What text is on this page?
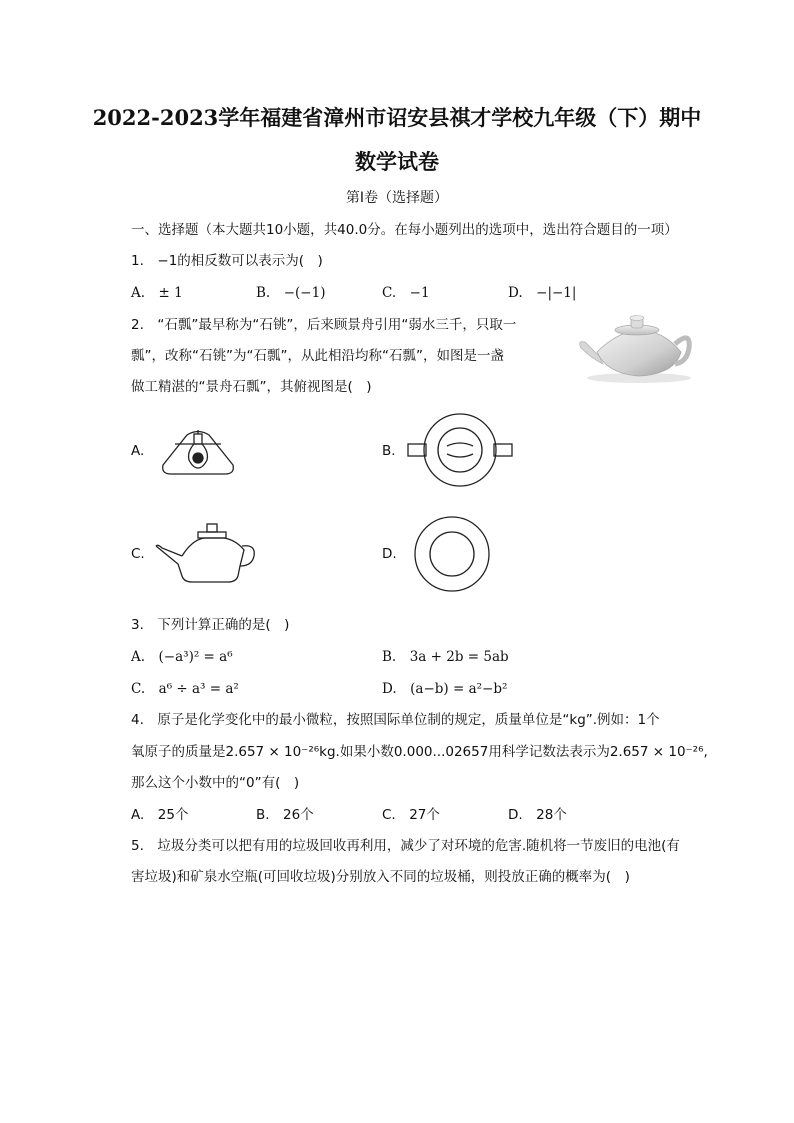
2022-2023学年福建省漳州市诏安县祺才学校九年级（下）期中
数学试卷
第I卷（选择题）
一、选择题（本大题共10小题，共40.0分。在每小题列出的选项中，选出符合题目的一项）
1.　−1的相反数可以表示为(　)
A.　± 1	B.　−(−1)	C.　−1	D.　−|−1|
2.　“石瓢”最早称为“石铫”，后来顾景舟引用“弱水三千，只取一
瓢”，改称“石铫”为“石瓢”，从此相沿均称“石瓢”，如图是一盏
做工精湛的“景舟石瓢”，其俯视图是(　)
A.	B.
C.	D.
3.　下列计算正确的是(　)
A.　(−a³)² = a⁶	B.　3a + 2b = 5ab
C.　a⁶ ÷ a³ = a²	D.　(a−b) = a²−b²
4.　原子是化学变化中的最小微粒，按照国际单位制的规定，质量单位是“kg”.例如：1个
氧原子的质量是2.657 × 10⁻²⁶kg.如果小数0.000...02657用科学记数法表示为2.657 × 10⁻²⁶,
那么这个小数中的“0”有(　)
A.　25个	B.　26个	C.　27个	D.　28个
5.　垃圾分类可以把有用的垃圾回收再利用，减少了对环境的危害.随机将一节废旧的电池(有
害垃圾)和矿泉水空瓶(可回收垃圾)分别放入不同的垃圾桶，则投放正确的概率为(　)
